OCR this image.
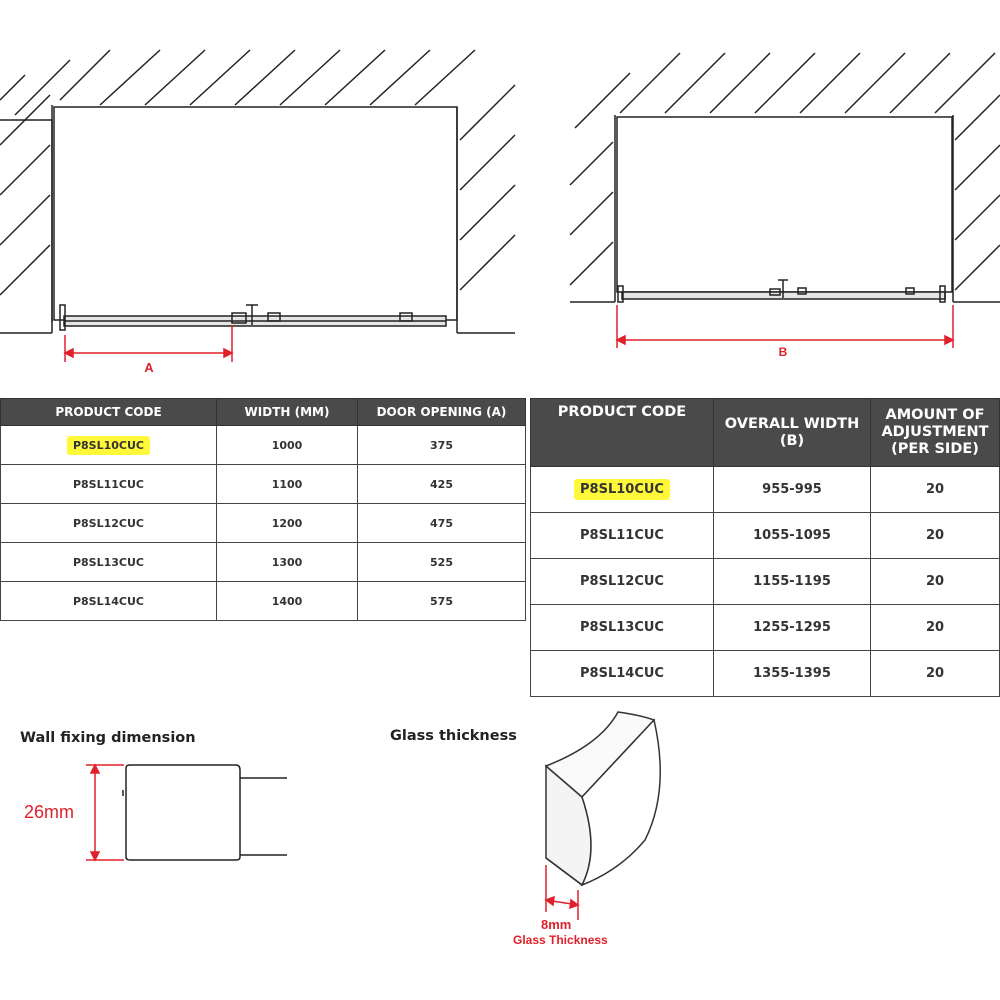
A
B
PRODUCT CODE	WIDTH (MM)	DOOR OPENING (A)
P8SL10CUC	1000	375
P8SL11CUC	1100	425
P8SL12CUC	1200	475
P8SL13CUC	1300	525
P8SL14CUC	1400	575
PRODUCT CODE	OVERALL WIDTH (B)	AMOUNT OF ADJUSTMENT (PER SIDE)
P8SL10CUC	955-995	20
P8SL11CUC	1055-1095	20
P8SL12CUC	1155-1195	20
P8SL13CUC	1255-1295	20
P8SL14CUC	1355-1395	20
Wall fixing dimension
26mm
Glass thickness
8mm
Glass Thickness
